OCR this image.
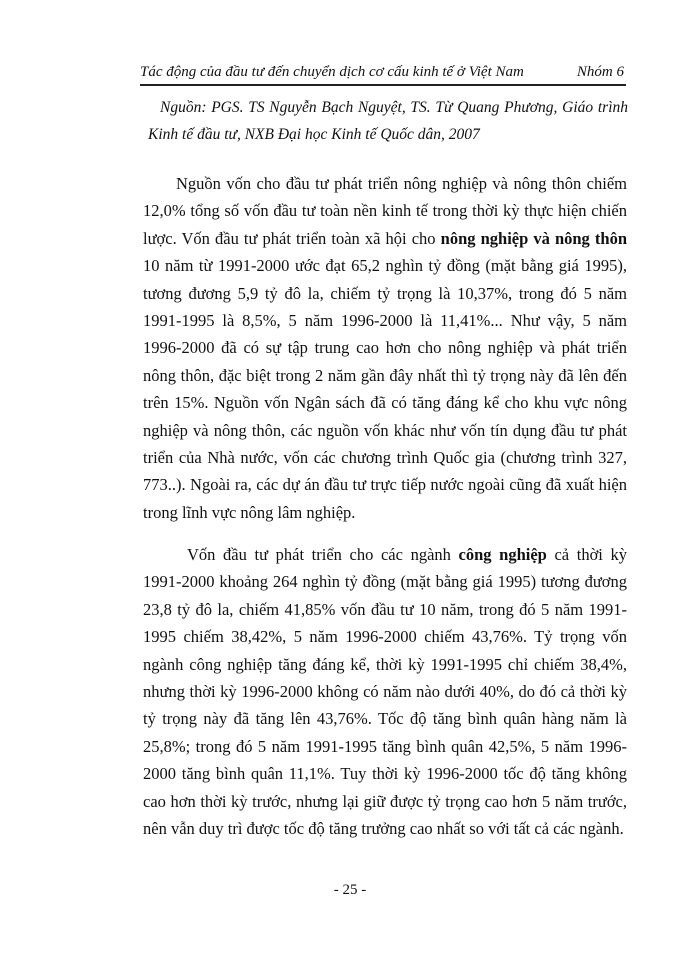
Tác động của đầu tư đến chuyển dịch cơ cấu kinh tế ở Việt Nam	Nhóm 6
Nguồn: PGS. TS Nguyễn Bạch Nguyệt, TS. Từ Quang Phương, Giáo trình Kinh tế đầu tư, NXB Đại học Kinh tế Quốc dân, 2007
Nguồn vốn cho đầu tư phát triển nông nghiệp và nông thôn chiếm 12,0% tổng số vốn đầu tư toàn nền kinh tế trong thời kỳ thực hiện chiến lược. Vốn đầu tư phát triển toàn xã hội cho nông nghiệp và nông thôn 10 năm từ 1991-2000 ước đạt 65,2 nghìn tỷ đồng (mặt bằng giá 1995), tương đương 5,9 tỷ đô la, chiếm tỷ trọng là 10,37%, trong đó 5 năm 1991-1995 là 8,5%, 5 năm 1996-2000 là 11,41%... Như vậy, 5 năm 1996-2000 đã có sự tập trung cao hơn cho nông nghiệp và phát triển nông thôn, đặc biệt trong 2 năm gần đây nhất thì tỷ trọng này đã lên đến trên 15%. Nguồn vốn Ngân sách đã có tăng đáng kể cho khu vực nông nghiệp và nông thôn, các nguồn vốn khác như vốn tín dụng đầu tư phát triển của Nhà nước, vốn các chương trình Quốc gia (chương trình 327, 773..). Ngoài ra, các dự án đầu tư trực tiếp nước ngoài cũng đã xuất hiện trong lĩnh vực nông lâm nghiệp.
Vốn đầu tư phát triển cho các ngành công nghiệp cả thời kỳ 1991-2000 khoảng 264 nghìn tỷ đồng (mặt bằng giá 1995) tương đương 23,8 tỷ đô la, chiếm 41,85% vốn đầu tư 10 năm, trong đó 5 năm 1991-1995 chiếm 38,42%, 5 năm 1996-2000 chiếm 43,76%. Tỷ trọng vốn ngành công nghiệp tăng đáng kể, thời kỳ 1991-1995 chỉ chiếm 38,4%, nhưng thời kỳ 1996-2000 không có năm nào dưới 40%, do đó cả thời kỳ tỷ trọng này đã tăng lên 43,76%. Tốc độ tăng bình quân hàng năm là 25,8%; trong đó 5 năm 1991-1995 tăng bình quân 42,5%, 5 năm 1996-2000 tăng bình quân 11,1%. Tuy thời kỳ 1996-2000 tốc độ tăng không cao hơn thời kỳ trước, nhưng lại giữ được tỷ trọng cao hơn 5 năm trước, nên vẫn duy trì được tốc độ tăng trưởng cao nhất so với tất cả các ngành.
- 25 -
